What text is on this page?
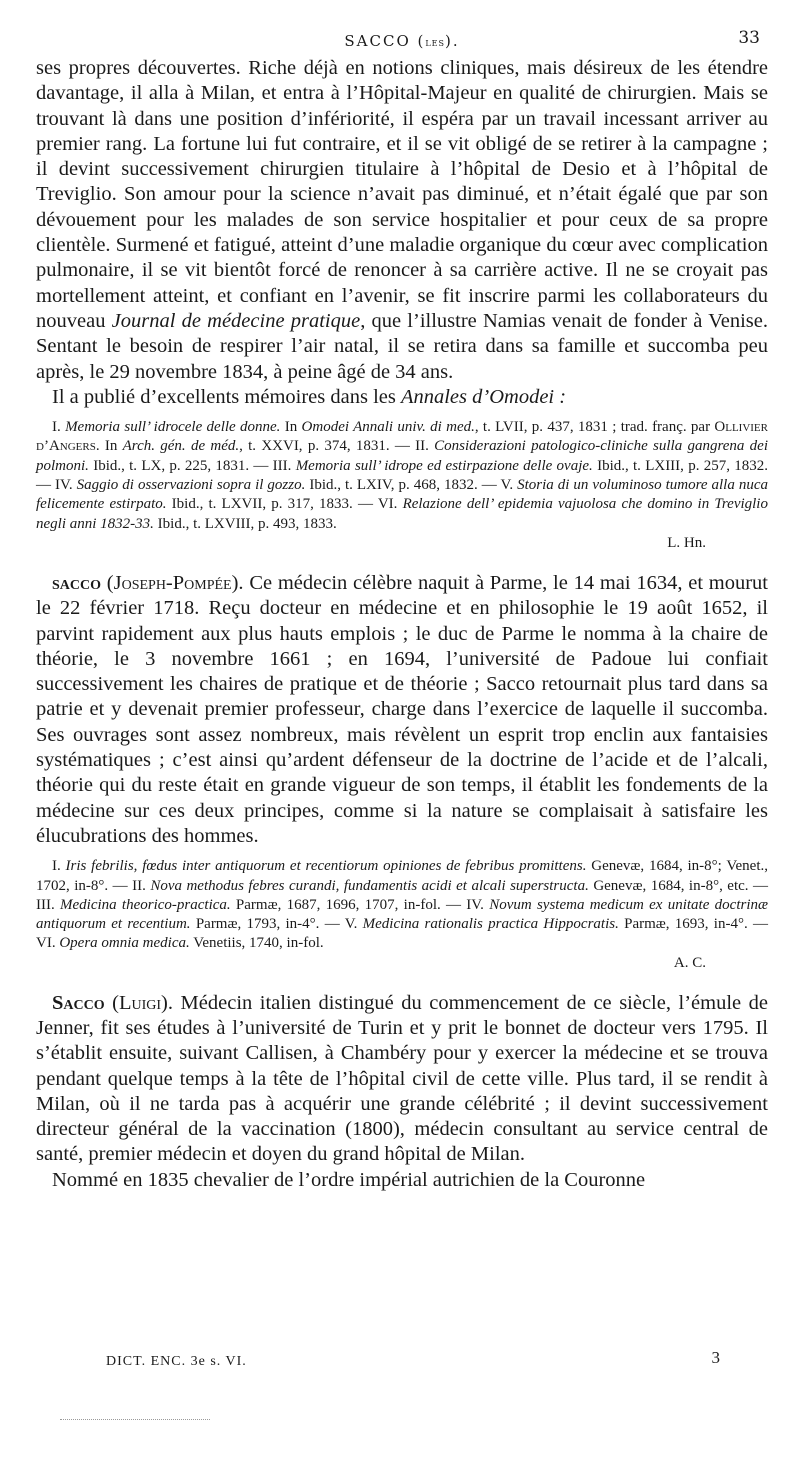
SACCO (les).	33

ses propres découvertes. Riche déjà en notions cliniques, mais désireux de les étendre davantage, il alla à Milan, et entra à l’Hôpital-Majeur en qualité de chirurgien. Mais se trouvant là dans une position d’infériorité, il espéra par un travail incessant arriver au premier rang. La fortune lui fut contraire, et il se vit obligé de se retirer à la campagne ; il devint successivement chirurgien titulaire à l’hôpital de Desio et à l’hôpital de Treviglio. Son amour pour la science n’avait pas diminué, et n’était égalé que par son dévouement pour les malades de son service hospitalier et pour ceux de sa propre clientèle. Surmené et fatigué, atteint d’une maladie organique du cœur avec complication pulmonaire, il se vit bientôt forcé de renoncer à sa carrière active. Il ne se croyait pas mortellement atteint, et confiant en l’avenir, se fit inscrire parmi les collaborateurs du nouveau Journal de médecine pratique, que l’illustre Namias venait de fonder à Venise. Sentant le besoin de respirer l’air natal, il se retira dans sa famille et succomba peu après, le 29 novembre 1834, à peine âgé de 34 ans.

Il a publié d’excellents mémoires dans les Annales d’Omodei :

I. Memoria sull’ idrocele delle donne. In Omodei Annali univ. di med., t. LVII, p. 437, 1831 ; trad. franç. par Ollivier d’Angers. In Arch. gén. de méd., t. XXVI, p. 374, 1831. — II. Considerazioni patologico-cliniche sulla gangrena dei polmoni. Ibid., t. LX, p. 225, 1831. — III. Memoria sull’ idrope ed estirpazione delle ovaje. Ibid., t. LXIII, p. 257, 1832. — IV. Saggio di osservazioni sopra il gozzo. Ibid., t. LXIV, p. 468, 1832. — V. Storia di un voluminoso tumore alla nuca felicemente estirpato. Ibid., t. LXVII, p. 317, 1833. — VI. Relazione dell’ epidemia vajuolosa che domino in Treviglio negli anni 1832-33. Ibid., t. LXVIII, p. 493, 1833.

L. Hn.

sacco (Joseph-Pompée). Ce médecin célèbre naquit à Parme, le 14 mai 1634, et mourut le 22 février 1718. Reçu docteur en médecine et en philosophie le 19 août 1652, il parvint rapidement aux plus hauts emplois ; le duc de Parme le nomma à la chaire de théorie, le 3 novembre 1661 ; en 1694, l’université de Padoue lui confiait successivement les chaires de pratique et de théorie ; Sacco retournait plus tard dans sa patrie et y devenait premier professeur, charge dans l’exercice de laquelle il succomba. Ses ouvrages sont assez nombreux, mais révèlent un esprit trop enclin aux fantaisies systématiques ; c’est ainsi qu’ardent défenseur de la doctrine de l’acide et de l’alcali, théorie qui du reste était en grande vigueur de son temps, il établit les fondements de la médecine sur ces deux principes, comme si la nature se complaisait à satisfaire les élucubrations des hommes.

I. Iris febrilis, fœdus inter antiquorum et recentiorum opiniones de febribus promittens. Genevæ, 1684, in-8°; Venet., 1702, in-8°. — II. Nova methodus febres curandi, fundamentis acidi et alcali superstructa. Genevæ, 1684, in-8°, etc. — III. Medicina theorico-practica. Parmæ, 1687, 1696, 1707, in-fol. — IV. Novum systema medicum ex unitate doctrinæ antiquorum et recentium. Parmæ, 1793, in-4°. — V. Medicina rationalis practica Hippocratis. Parmæ, 1693, in-4°. — VI. Opera omnia medica. Venetiis, 1740, in-fol.

A. C.

Sacco (Luigi). Médecin italien distingué du commencement de ce siècle, l’émule de Jenner, fit ses études à l’université de Turin et y prit le bonnet de docteur vers 1795. Il s’établit ensuite, suivant Callisen, à Chambéry pour y exercer la médecine et se trouva pendant quelque temps à la tête de l’hôpital civil de cette ville. Plus tard, il se rendit à Milan, où il ne tarda pas à acquérir une grande célébrité ; il devint successivement directeur général de la vaccination (1800), médecin consultant au service central de santé, premier médecin et doyen du grand hôpital de Milan.

Nommé en 1835 chevalier de l’ordre impérial autrichien de la Couronne

DICT. ENC. 3e s. VI.	3
